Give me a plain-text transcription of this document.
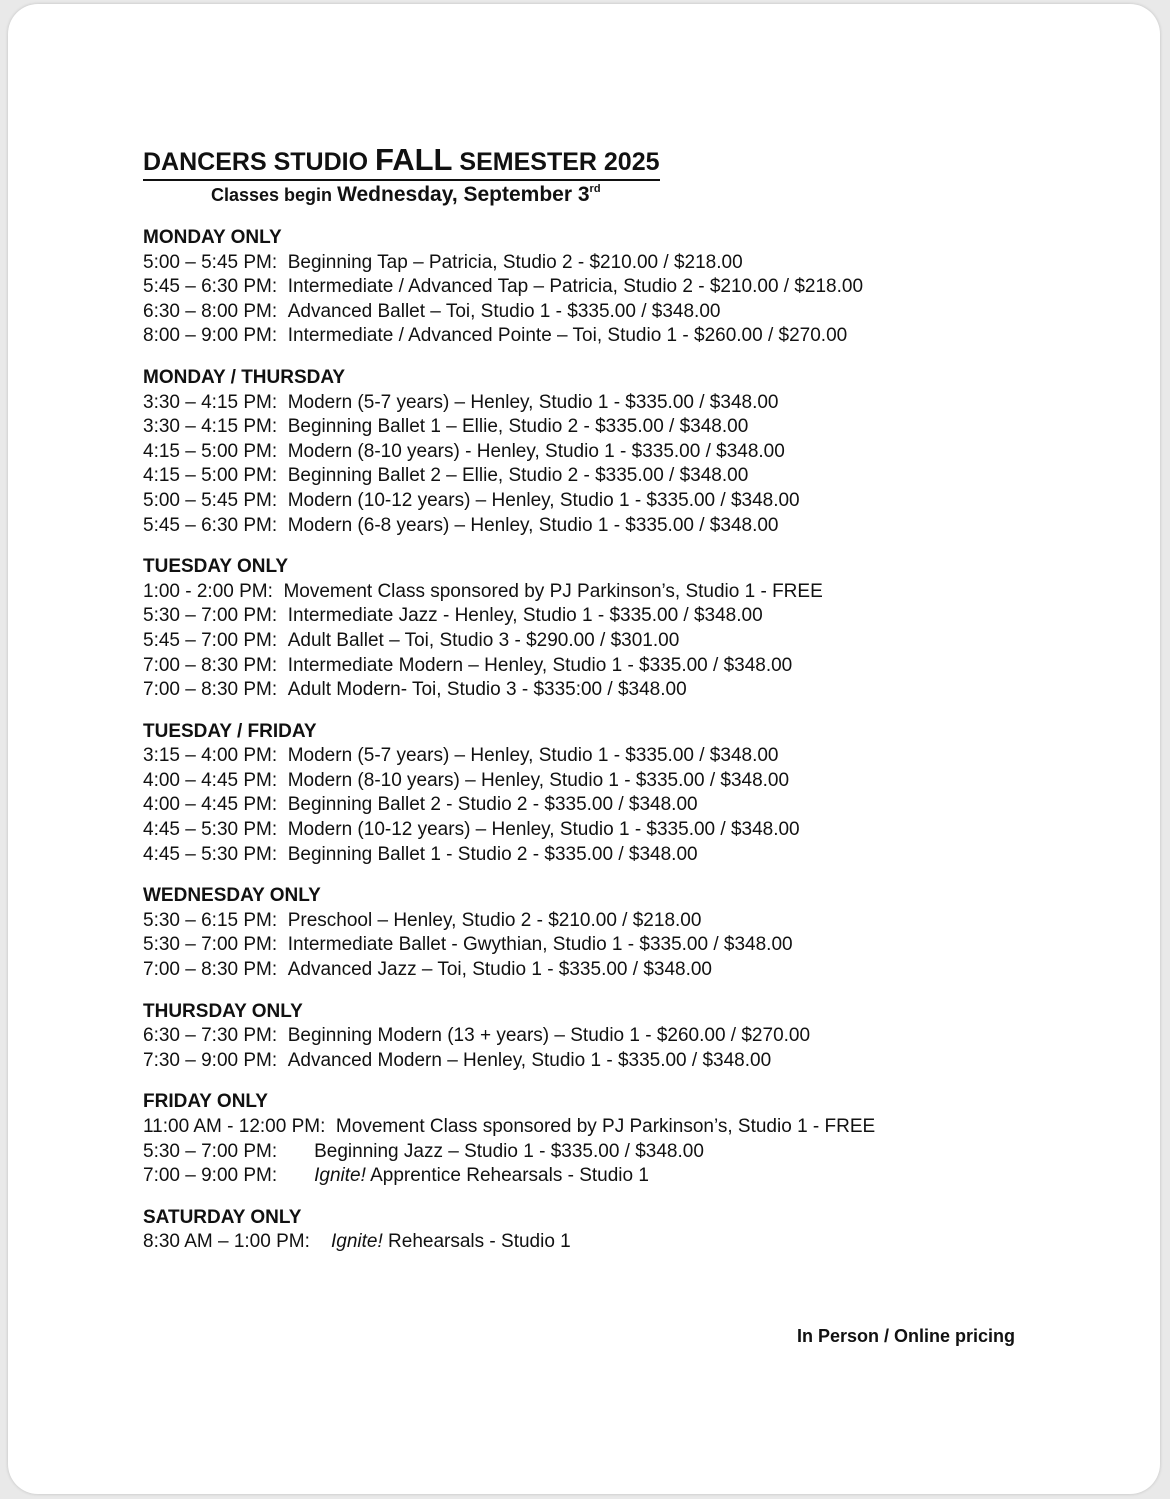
DANCERS STUDIO FALL SEMESTER 2025
Classes begin Wednesday, September 3rd
MONDAY ONLY
5:00 – 5:45 PM: Beginning Tap – Patricia, Studio 2 - $210.00 / $218.00
5:45 – 6:30 PM: Intermediate / Advanced Tap – Patricia, Studio 2 - $210.00 / $218.00
6:30 – 8:00 PM: Advanced Ballet – Toi, Studio 1 - $335.00 / $348.00
8:00 – 9:00 PM: Intermediate / Advanced Pointe – Toi, Studio 1 - $260.00 / $270.00
MONDAY / THURSDAY
3:30 – 4:15 PM: Modern (5-7 years) – Henley, Studio 1 - $335.00 / $348.00
3:30 – 4:15 PM: Beginning Ballet 1 – Ellie, Studio 2 - $335.00 / $348.00
4:15 – 5:00 PM: Modern (8-10 years) - Henley, Studio 1 - $335.00 / $348.00
4:15 – 5:00 PM: Beginning Ballet 2 – Ellie, Studio 2 - $335.00 / $348.00
5:00 – 5:45 PM: Modern (10-12 years) – Henley, Studio 1 - $335.00 / $348.00
5:45 – 6:30 PM: Modern (6-8 years) – Henley, Studio 1 - $335.00 / $348.00
TUESDAY ONLY
1:00 - 2:00 PM: Movement Class sponsored by PJ Parkinson’s, Studio 1 - FREE
5:30 – 7:00 PM: Intermediate Jazz - Henley, Studio 1 - $335.00 / $348.00
5:45 – 7:00 PM: Adult Ballet – Toi, Studio 3 - $290.00 / $301.00
7:00 – 8:30 PM: Intermediate Modern – Henley, Studio 1 - $335.00 / $348.00
7:00 – 8:30 PM: Adult Modern- Toi, Studio 3 - $335:00 / $348.00
TUESDAY / FRIDAY
3:15 – 4:00 PM: Modern (5-7 years) – Henley, Studio 1 - $335.00 / $348.00
4:00 – 4:45 PM: Modern (8-10 years) – Henley, Studio 1 - $335.00 / $348.00
4:00 – 4:45 PM: Beginning Ballet 2 - Studio 2 - $335.00 / $348.00
4:45 – 5:30 PM: Modern (10-12 years) – Henley, Studio 1 - $335.00 / $348.00
4:45 – 5:30 PM: Beginning Ballet 1 - Studio 2 - $335.00 / $348.00
WEDNESDAY ONLY
5:30 – 6:15 PM: Preschool – Henley, Studio 2 - $210.00 / $218.00
5:30 – 7:00 PM: Intermediate Ballet - Gwythian, Studio 1 - $335.00 / $348.00
7:00 – 8:30 PM: Advanced Jazz – Toi, Studio 1 - $335.00 / $348.00
THURSDAY ONLY
6:30 – 7:30 PM: Beginning Modern (13 + years) – Studio 1 - $260.00 / $270.00
7:30 – 9:00 PM: Advanced Modern – Henley, Studio 1 - $335.00 / $348.00
FRIDAY ONLY
11:00 AM - 12:00 PM: Movement Class sponsored by PJ Parkinson’s, Studio 1 - FREE
5:30 – 7:00 PM: Beginning Jazz – Studio 1 - $335.00 / $348.00
7:00 – 9:00 PM: Ignite! Apprentice Rehearsals - Studio 1
SATURDAY ONLY
8:30 AM – 1:00 PM: Ignite! Rehearsals - Studio 1
In Person / Online pricing
